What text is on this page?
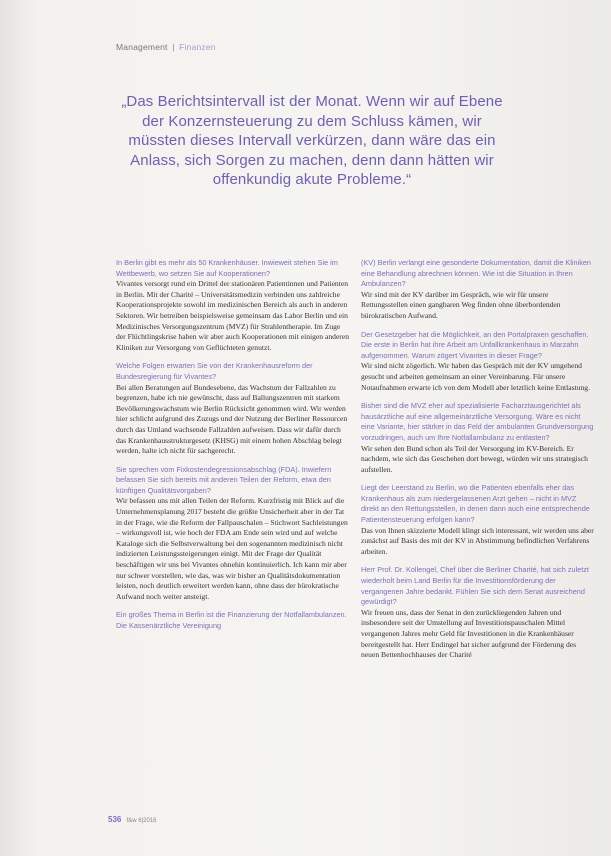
Management | Finanzen
„Das Berichtsintervall ist der Monat. Wenn wir auf Ebene der Konzernsteuerung zu dem Schluss kämen, wir müssten dieses Intervall verkürzen, dann wäre das ein Anlass, sich Sorgen zu machen, denn dann hätten wir offenkundig akute Probleme.“

In Berlin gibt es mehr als 50 Krankenhäuser. Inwieweit stehen Sie im Wettbewerb, wo setzen Sie auf Kooperationen?
Vivantes versorgt rund ein Drittel der stationären Patientinnen und Patienten in Berlin. Mit der Charité – Universitätsmedizin verbinden uns zahlreiche Kooperationsprojekte sowohl im medizinischen Bereich als auch in anderen Sektoren. Wir betreiben beispielsweise gemeinsam das Labor Berlin und ein Medizinisches Versorgungszentrum (MVZ) für Strahlentherapie. Im Zuge der Flüchtlingskrise haben wir aber auch Kooperationen mit einigen anderen Kliniken zur Versorgung von Geflüchteten genutzt.

Welche Folgen erwarten Sie von der Krankenhausreform der Bundesregierung für Vivantes?
Bei allen Beratungen auf Bundesebene, das Wachstum der Fallzahlen zu begrenzen, habe ich nie gewünscht, dass auf Ballungszentren mit starkem Bevölkerungswachstum wie Berlin Rücksicht genommen wird. Wir werden hier schlicht aufgrund des Zuzugs und der Nutzung der Berliner Ressourcen durch das Umland wachsende Fallzahlen aufweisen. Dass wir dafür durch das Krankenhausstrukturgesetz (KHSG) mit einem hohen Abschlag belegt werden, halte ich nicht für sachgerecht.

Sie sprechen vom Fixkostendegressionsabschlag (FDA). Inwiefern befassen Sie sich bereits mit anderen Teilen der Reform, etwa den künftigen Qualitätsvorgaben?
Wir befassen uns mit allen Teilen der Reform. Kurzfristig mit Blick auf die Unternehmensplanung 2017 besteht die größte Unsicherheit aber in der Tat in der Frage, wie die Reform der Fallpauschalen – Stichwort Sachleistungen – wirkungsvoll ist, wie hoch der FDA am Ende sein wird und auf welche Kataloge sich die Selbstverwaltung bei den sogenannten medizinisch nicht indizierten Leistungssteigerungen einigt. Mit der Frage der Qualität beschäftigen wir uns bei Vivantes ohnehin kontinuierlich. Ich kann mir aber nur schwer vorstellen, wie das, was wir bisher an Qualitätsdokumentation leisten, noch deutlich erweitert werden kann, ohne dass der bürokratische Aufwand noch weiter ansteigt.

Ein großes Thema in Berlin ist die Finanzierung der Notfallambulanzen. Die Kassenärztliche Vereinigung

(KV) Berlin verlangt eine gesonderte Dokumentation, damit die Kliniken eine Behandlung abrechnen können. Wie ist die Situation in Ihren Ambulanzen?
Wir sind mit der KV darüber im Gespräch, wie wir für unsere Rettungsstellen einen gangbaren Weg finden ohne überbordenden bürokratischen Aufwand.

Der Gesetzgeber hat die Möglichkeit, an den Portalpraxen geschaffen. Die erste in Berlin hat ihre Arbeit am Unfallkrankenhaus in Marzahn aufgenommen. Warum zögert Vivantes in dieser Frage?
Wir sind nicht zögerlich. Wir haben das Gespräch mit der KV umgehend gesucht und arbeiten gemeinsam an einer Vereinbarung. Für unsere Notaufnahmen erwarte ich von dem Modell aber letztlich keine Entlastung.

Bisher sind die MVZ eher auf spezialisierte Facharztausgerichtet als hausärztliche auf eine allgemeinärztliche Versorgung. Wäre es nicht eine Variante, hier stärker in das Feld der ambulanten Grundversorgung vorzudringen, auch um Ihre Notfallambulanz zu entlasten?
Wir sehen den Bund schon als Teil der Versorgung im KV-Bereich. Er nachdem, wie sich das Geschehen dort bewegt, würden wir uns strategisch aufstellen.

Liegt der Leerstand zu Berlin, wo die Patienten ebenfalls eher das Krankenhaus als zum niedergelassenen Arzt gehen – nicht in MVZ direkt an den Rettungsstellen, in denen dann auch eine entsprechende Patientensteuerung erfolgen kann?
Das von Ihnen skizzierte Modell klingt sich interessant, wir werden uns aber zunächst auf Basis des mit der KV in Abstimmung befindlichen Verfahrens arbeiten.

Herr Prof. Dr. Kollengel, Chef über die Berliner Charité, hat sich zuletzt wiederholt beim Land Berlin für die Investitionsförderung der vergangenen Jahre bedankt. Fühlen Sie sich dem Senat ausreichend gewürdigt?
Wir freuen uns, dass der Senat in den zurückliegenden Jahren und insbesondere seit der Umstellung auf Investitionspauschalen Mittel vergangenen Jahres mehr Geld für Investitionen in die Krankenhäuser bereitgestellt hat. Herr Endingel hat sicher aufgrund der Förderung des neuen Bettenhochhauses der Charité

536 f&w 6|2016
